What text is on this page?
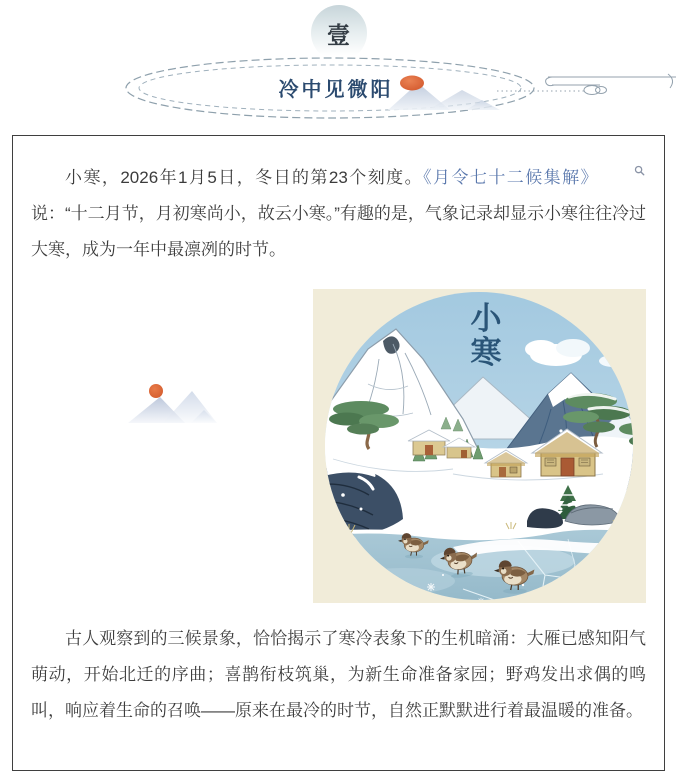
壹
冷中见微阳

小寒，2026年1月5日，冬日的第23个刻度。《月令七十二候集解》说：“十二月节，月初寒尚小，故云小寒。”有趣的是，气象记录却显示小寒往往冷过大寒，成为一年中最凛冽的时节。

小
寒

古人观察到的三候景象，恰恰揭示了寒冷表象下的生机暗涌：大雁已感知阳气萌动，开始北迁的序曲；喜鹊衔枝筑巢，为新生命准备家园；野鸡发出求偶的鸣叫，响应着生命的召唤——原来在最冷的时节，自然正默默进行着最温暖的准备。
